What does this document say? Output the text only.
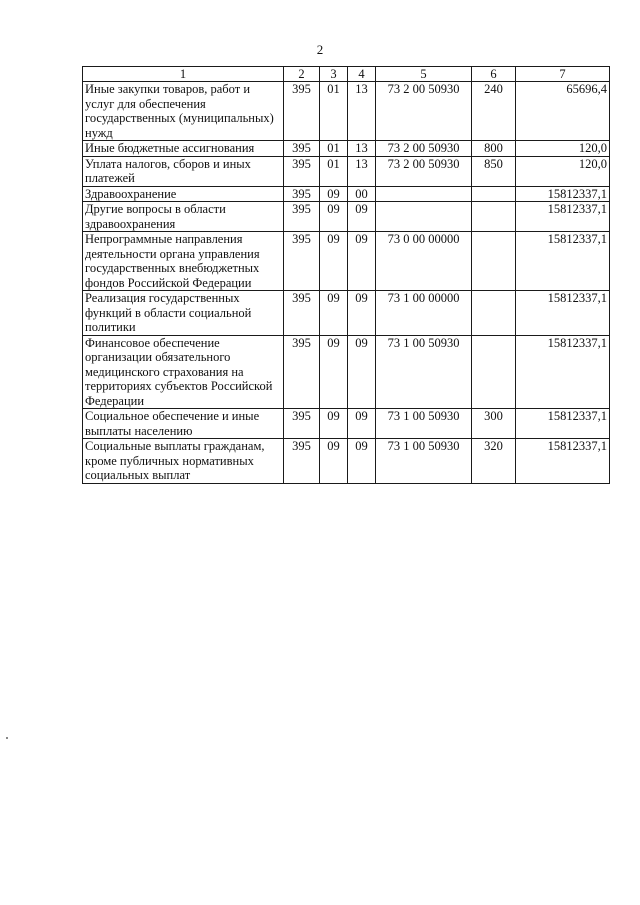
2
1	2	3	4	5	6	7
Иные закупки товаров, работ и услуг для обеспечения государственных (муниципальных) нужд	395	01	13	73 2 00 50930	240	65696,4
Иные бюджетные ассигнования	395	01	13	73 2 00 50930	800	120,0
Уплата налогов, сборов и иных платежей	395	01	13	73 2 00 50930	850	120,0
Здравоохранение	395	09	00			15812337,1
Другие вопросы в области здравоохранения	395	09	09			15812337,1
Непрограммные направления деятельности органа управления государственных внебюджетных фондов Российской Федерации	395	09	09	73 0 00 00000		15812337,1
Реализация государственных функций в области социальной политики	395	09	09	73 1 00 00000		15812337,1
Финансовое обеспечение организации обязательного медицинского страхования на территориях субъектов Российской Федерации	395	09	09	73 1 00 50930		15812337,1
Социальное обеспечение и иные выплаты населению	395	09	09	73 1 00 50930	300	15812337,1
Социальные выплаты гражданам, кроме публичных нормативных социальных выплат	395	09	09	73 1 00 50930	320	15812337,1
